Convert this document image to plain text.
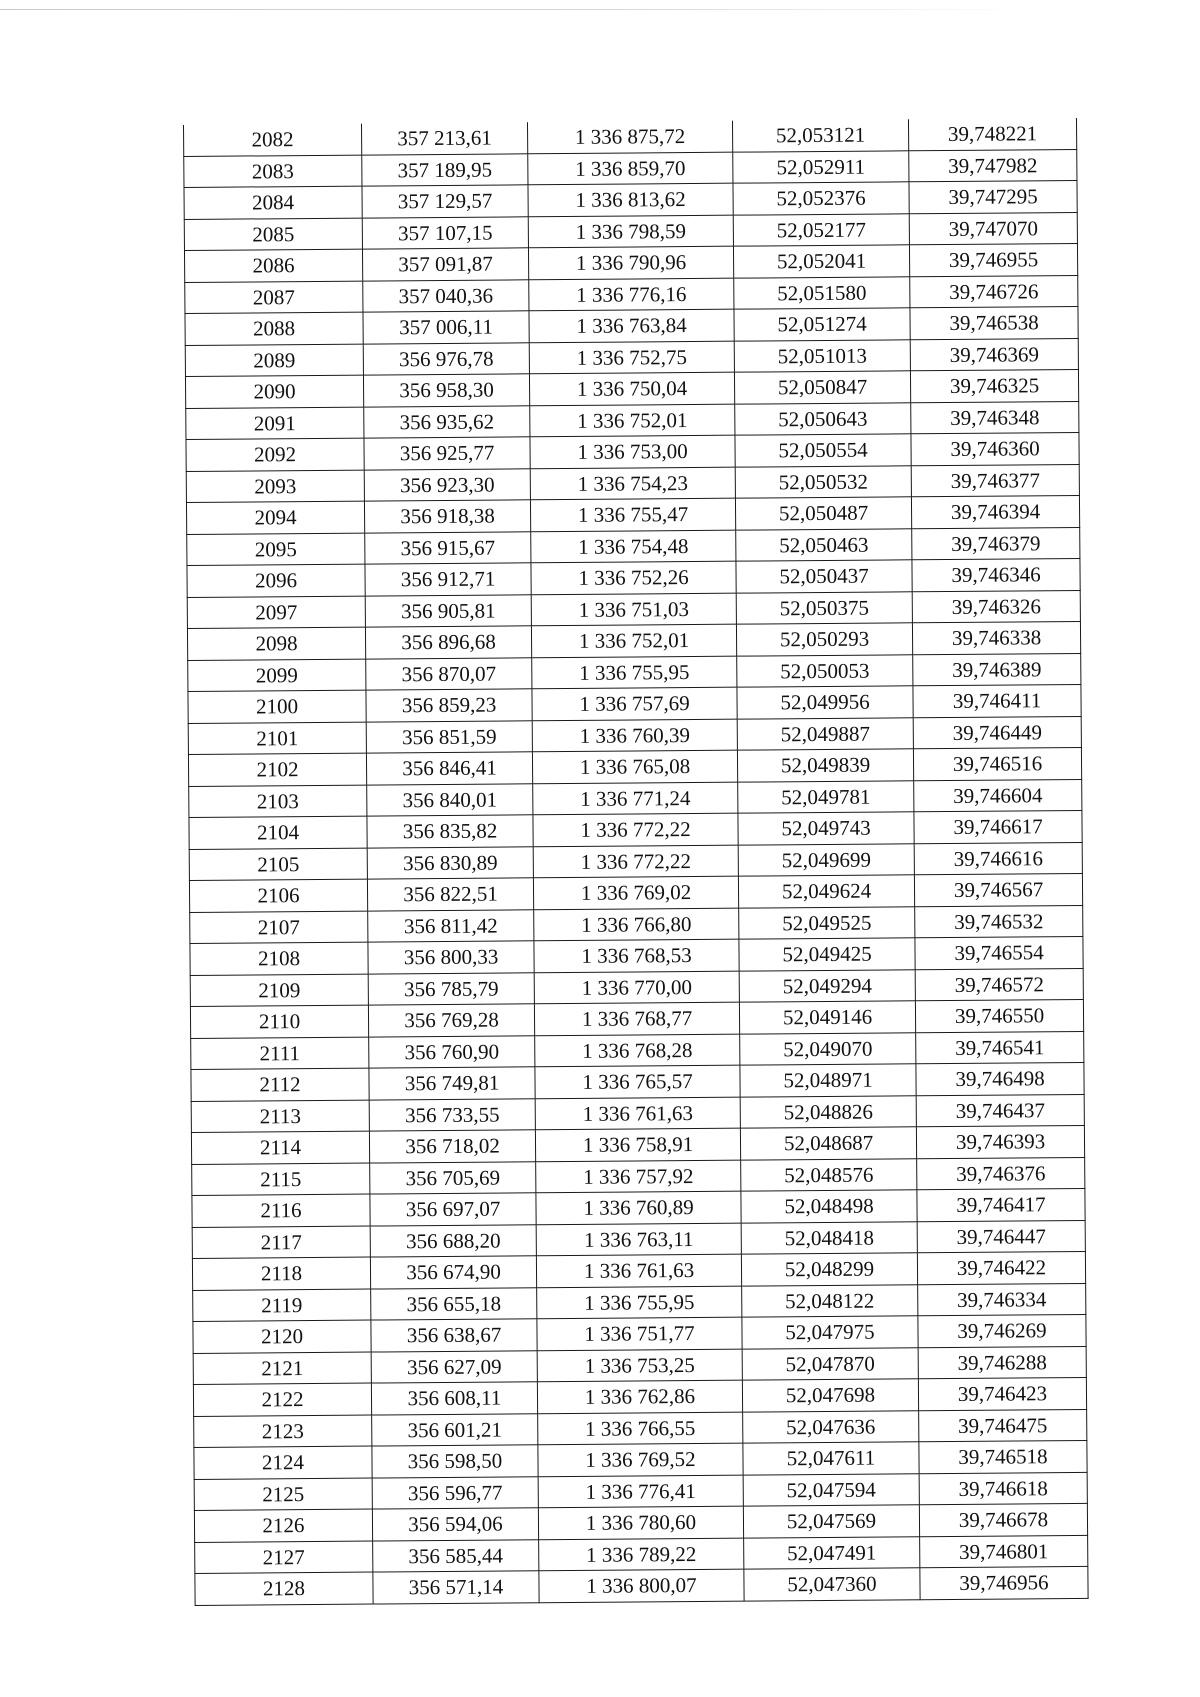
2082	357 213,61	1 336 875,72	52,053121	39,748221
2083	357 189,95	1 336 859,70	52,052911	39,747982
2084	357 129,57	1 336 813,62	52,052376	39,747295
2085	357 107,15	1 336 798,59	52,052177	39,747070
2086	357 091,87	1 336 790,96	52,052041	39,746955
2087	357 040,36	1 336 776,16	52,051580	39,746726
2088	357 006,11	1 336 763,84	52,051274	39,746538
2089	356 976,78	1 336 752,75	52,051013	39,746369
2090	356 958,30	1 336 750,04	52,050847	39,746325
2091	356 935,62	1 336 752,01	52,050643	39,746348
2092	356 925,77	1 336 753,00	52,050554	39,746360
2093	356 923,30	1 336 754,23	52,050532	39,746377
2094	356 918,38	1 336 755,47	52,050487	39,746394
2095	356 915,67	1 336 754,48	52,050463	39,746379
2096	356 912,71	1 336 752,26	52,050437	39,746346
2097	356 905,81	1 336 751,03	52,050375	39,746326
2098	356 896,68	1 336 752,01	52,050293	39,746338
2099	356 870,07	1 336 755,95	52,050053	39,746389
2100	356 859,23	1 336 757,69	52,049956	39,746411
2101	356 851,59	1 336 760,39	52,049887	39,746449
2102	356 846,41	1 336 765,08	52,049839	39,746516
2103	356 840,01	1 336 771,24	52,049781	39,746604
2104	356 835,82	1 336 772,22	52,049743	39,746617
2105	356 830,89	1 336 772,22	52,049699	39,746616
2106	356 822,51	1 336 769,02	52,049624	39,746567
2107	356 811,42	1 336 766,80	52,049525	39,746532
2108	356 800,33	1 336 768,53	52,049425	39,746554
2109	356 785,79	1 336 770,00	52,049294	39,746572
2110	356 769,28	1 336 768,77	52,049146	39,746550
2111	356 760,90	1 336 768,28	52,049070	39,746541
2112	356 749,81	1 336 765,57	52,048971	39,746498
2113	356 733,55	1 336 761,63	52,048826	39,746437
2114	356 718,02	1 336 758,91	52,048687	39,746393
2115	356 705,69	1 336 757,92	52,048576	39,746376
2116	356 697,07	1 336 760,89	52,048498	39,746417
2117	356 688,20	1 336 763,11	52,048418	39,746447
2118	356 674,90	1 336 761,63	52,048299	39,746422
2119	356 655,18	1 336 755,95	52,048122	39,746334
2120	356 638,67	1 336 751,77	52,047975	39,746269
2121	356 627,09	1 336 753,25	52,047870	39,746288
2122	356 608,11	1 336 762,86	52,047698	39,746423
2123	356 601,21	1 336 766,55	52,047636	39,746475
2124	356 598,50	1 336 769,52	52,047611	39,746518
2125	356 596,77	1 336 776,41	52,047594	39,746618
2126	356 594,06	1 336 780,60	52,047569	39,746678
2127	356 585,44	1 336 789,22	52,047491	39,746801
2128	356 571,14	1 336 800,07	52,047360	39,746956
